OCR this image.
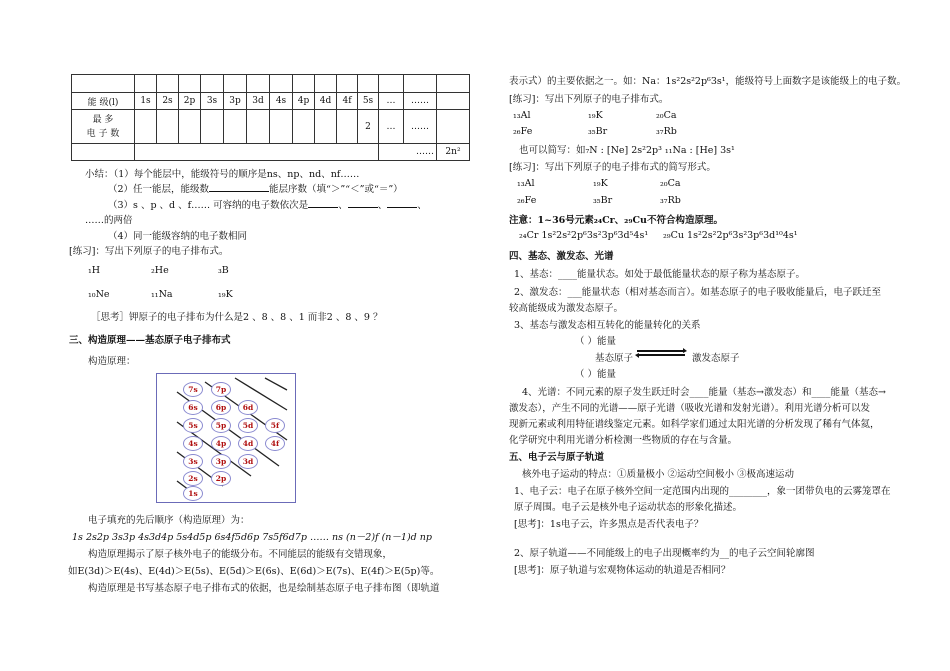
能 级(l)	1s	2s	2p	3s	3p	3d	4s	4p	4d	4f	5s	…	……	

最 多
电 子 数											2	…	……	
												……		2n²
小结：（1）每个能层中，能级符号的顺序是ns、np、nd、nf……
（2）任一能层，能级数	能层序数（填“＞”“＜”或“＝”）
（3）s 、p 、d 、f…… 可容纳的电子数依次是	、	、	、
……的两倍
（4）同一能级容纳的电子数相同
[练习]：写出下列原子的电子排布式。
₁H	₂He	₃B
₁₀Ne	₁₁Na	₁₉K
［思考］钾原子的电子排布为什么是2 、8 、8 、1 而非2 、8 、9 ？
三、构造原理——基态原子电子排布式
构造原理：
7s	7p
6s	6p	6d
5s	5p	5d	5f
4s	4p	4d	4f
3s	3p	3d
2s	2p
1s
电子填充的先后顺序（构造原理）为：
1s 2s2p 3s3p 4s3d4p 5s4d5p 6s4f5d6p 7s5f6d7p …… ns (n－2)f (n－1)d np
构造原理揭示了原子核外电子的能级分布。不同能层的能级有交错现象，
如E(3d)＞E(4s)、E(4d)＞E(5s)、E(5d)＞E(6s)、E(6d)＞E(7s)、E(4f)＞E(5p)等。
构造原理是书写基态原子电子排布式的依据，也是绘制基态原子电子排布图（即轨道
表示式）的主要依据之一。如：Na：1s²2s²2p⁶3s¹，能级符号上面数字是该能级上的电子数。
[练习]：写出下列原子的电子排布式。
₁₃Al	₁₉K	₂₀Ca
₂₆Fe	₃₅Br	₃₇Rb
也可以简写：如₇N : [Ne] 2s²2p³ ₁₁Na : [He] 3s¹
[练习]：写出下列原子的电子排布式的简写形式。
₁₃Al	₁₉K	₂₀Ca
₂₆Fe	₃₅Br	₃₇Rb
注意：1~36号元素₂₄Cr、₂₉Cu不符合构造原理。
₂₄Cr 1s²2s²2p⁶3s²3p⁶3d⁵4s¹ ₂₉Cu 1s²2s²2p⁶3s²3p⁶3d¹⁰4s¹
四、基态、激发态、光谱
1、基态：____能量状态。如处于最低能量状态的原子称为基态原子。
2、激发态：___能量状态（相对基态而言）。如基态原子的电子吸收能量后，电子跃迁至
较高能级成为激发态原子。
3、基态与激发态相互转化的能量转化的关系
（ ）能量
基态原子	激发态原子
（ ）能量
4、光谱：不同元素的原子发生跃迁时会____能量（基态→激发态）和____能量（基态→
激发态），产生不同的光谱——原子光谱（吸收光谱和发射光谱）。利用光谱分析可以发
现新元素或利用特征谱线鉴定元素。如科学家们通过太阳光谱的分析发现了稀有气体氦，
化学研究中利用光谱分析检测一些物质的存在与含量。
五、电子云与原子轨道
核外电子运动的特点：①质量极小 ②运动空间极小 ③极高速运动
1、电子云：电子在原子核外空间一定范围内出现的________，象一团带负电的云雾笼罩在
原子周围。电子云是核外电子运动状态的形象化描述。
[思考]：1s电子云，许多黑点是否代表电子？
2、原子轨道——不同能级上的电子出现概率约为__的电子云空间轮廓图
[思考]：原子轨道与宏观物体运动的轨道是否相同？
